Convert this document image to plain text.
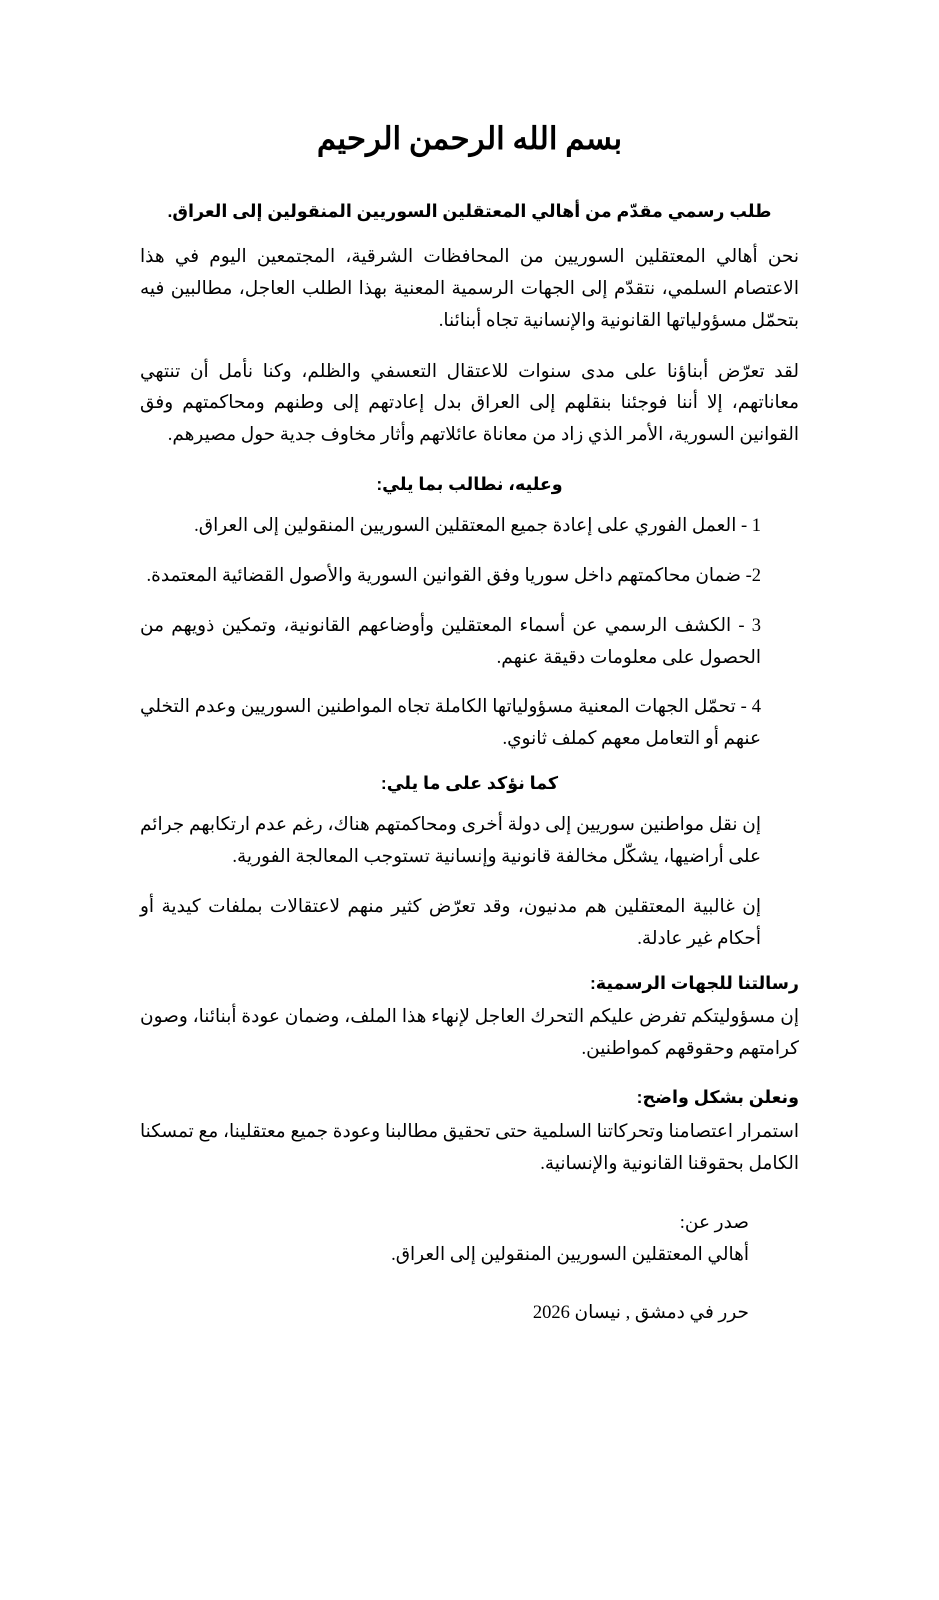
بسم الله الرحمن الرحيم
طلب رسمي مقدّم من أهالي المعتقلين السوريين المنقولين إلى العراق.

نحن أهالي المعتقلين السوريين من المحافظات الشرقية، المجتمعين اليوم في هذا الاعتصام السلمي، نتقدّم إلى الجهات الرسمية المعنية بهذا الطلب العاجل، مطالبين فيه بتحمّل مسؤولياتها القانونية والإنسانية تجاه أبنائنا.

لقد تعرّض أبناؤنا على مدى سنوات للاعتقال التعسفي والظلم، وكنا نأمل أن تنتهي معاناتهم، إلا أننا فوجئنا بنقلهم إلى العراق بدل إعادتهم إلى وطنهم ومحاكمتهم وفق القوانين السورية، الأمر الذي زاد من معاناة عائلاتهم وأثار مخاوف جدية حول مصيرهم.

وعليه، نطالب بما يلي:
1 - العمل الفوري على إعادة جميع المعتقلين السوريين المنقولين إلى العراق.
2- ضمان محاكمتهم داخل سوريا وفق القوانين السورية والأصول القضائية المعتمدة.
3 - الكشف الرسمي عن أسماء المعتقلين وأوضاعهم القانونية، وتمكين ذويهم من الحصول على معلومات دقيقة عنهم.
4 - تحمّل الجهات المعنية مسؤولياتها الكاملة تجاه المواطنين السوريين وعدم التخلي عنهم أو التعامل معهم كملف ثانوي.
كما نؤكد على ما يلي:
إن نقل مواطنين سوريين إلى دولة أخرى ومحاكمتهم هناك، رغم عدم ارتكابهم جرائم على أراضيها، يشكّل مخالفة قانونية وإنسانية تستوجب المعالجة الفورية.
إن غالبية المعتقلين هم مدنيون، وقد تعرّض كثير منهم لاعتقالات بملفات كيدية أو أحكام غير عادلة.
رسالتنا للجهات الرسمية:

إن مسؤوليتكم تفرض عليكم التحرك العاجل لإنهاء هذا الملف، وضمان عودة أبنائنا، وصون كرامتهم وحقوقهم كمواطنين.

ونعلن بشكل واضح:

استمرار اعتصامنا وتحركاتنا السلمية حتى تحقيق مطالبنا وعودة جميع معتقلينا، مع تمسكنا الكامل بحقوقنا القانونية والإنسانية.

صدر عن:

أهالي المعتقلين السوريين المنقولين إلى العراق.

حرر في دمشق , نيسان 2026
